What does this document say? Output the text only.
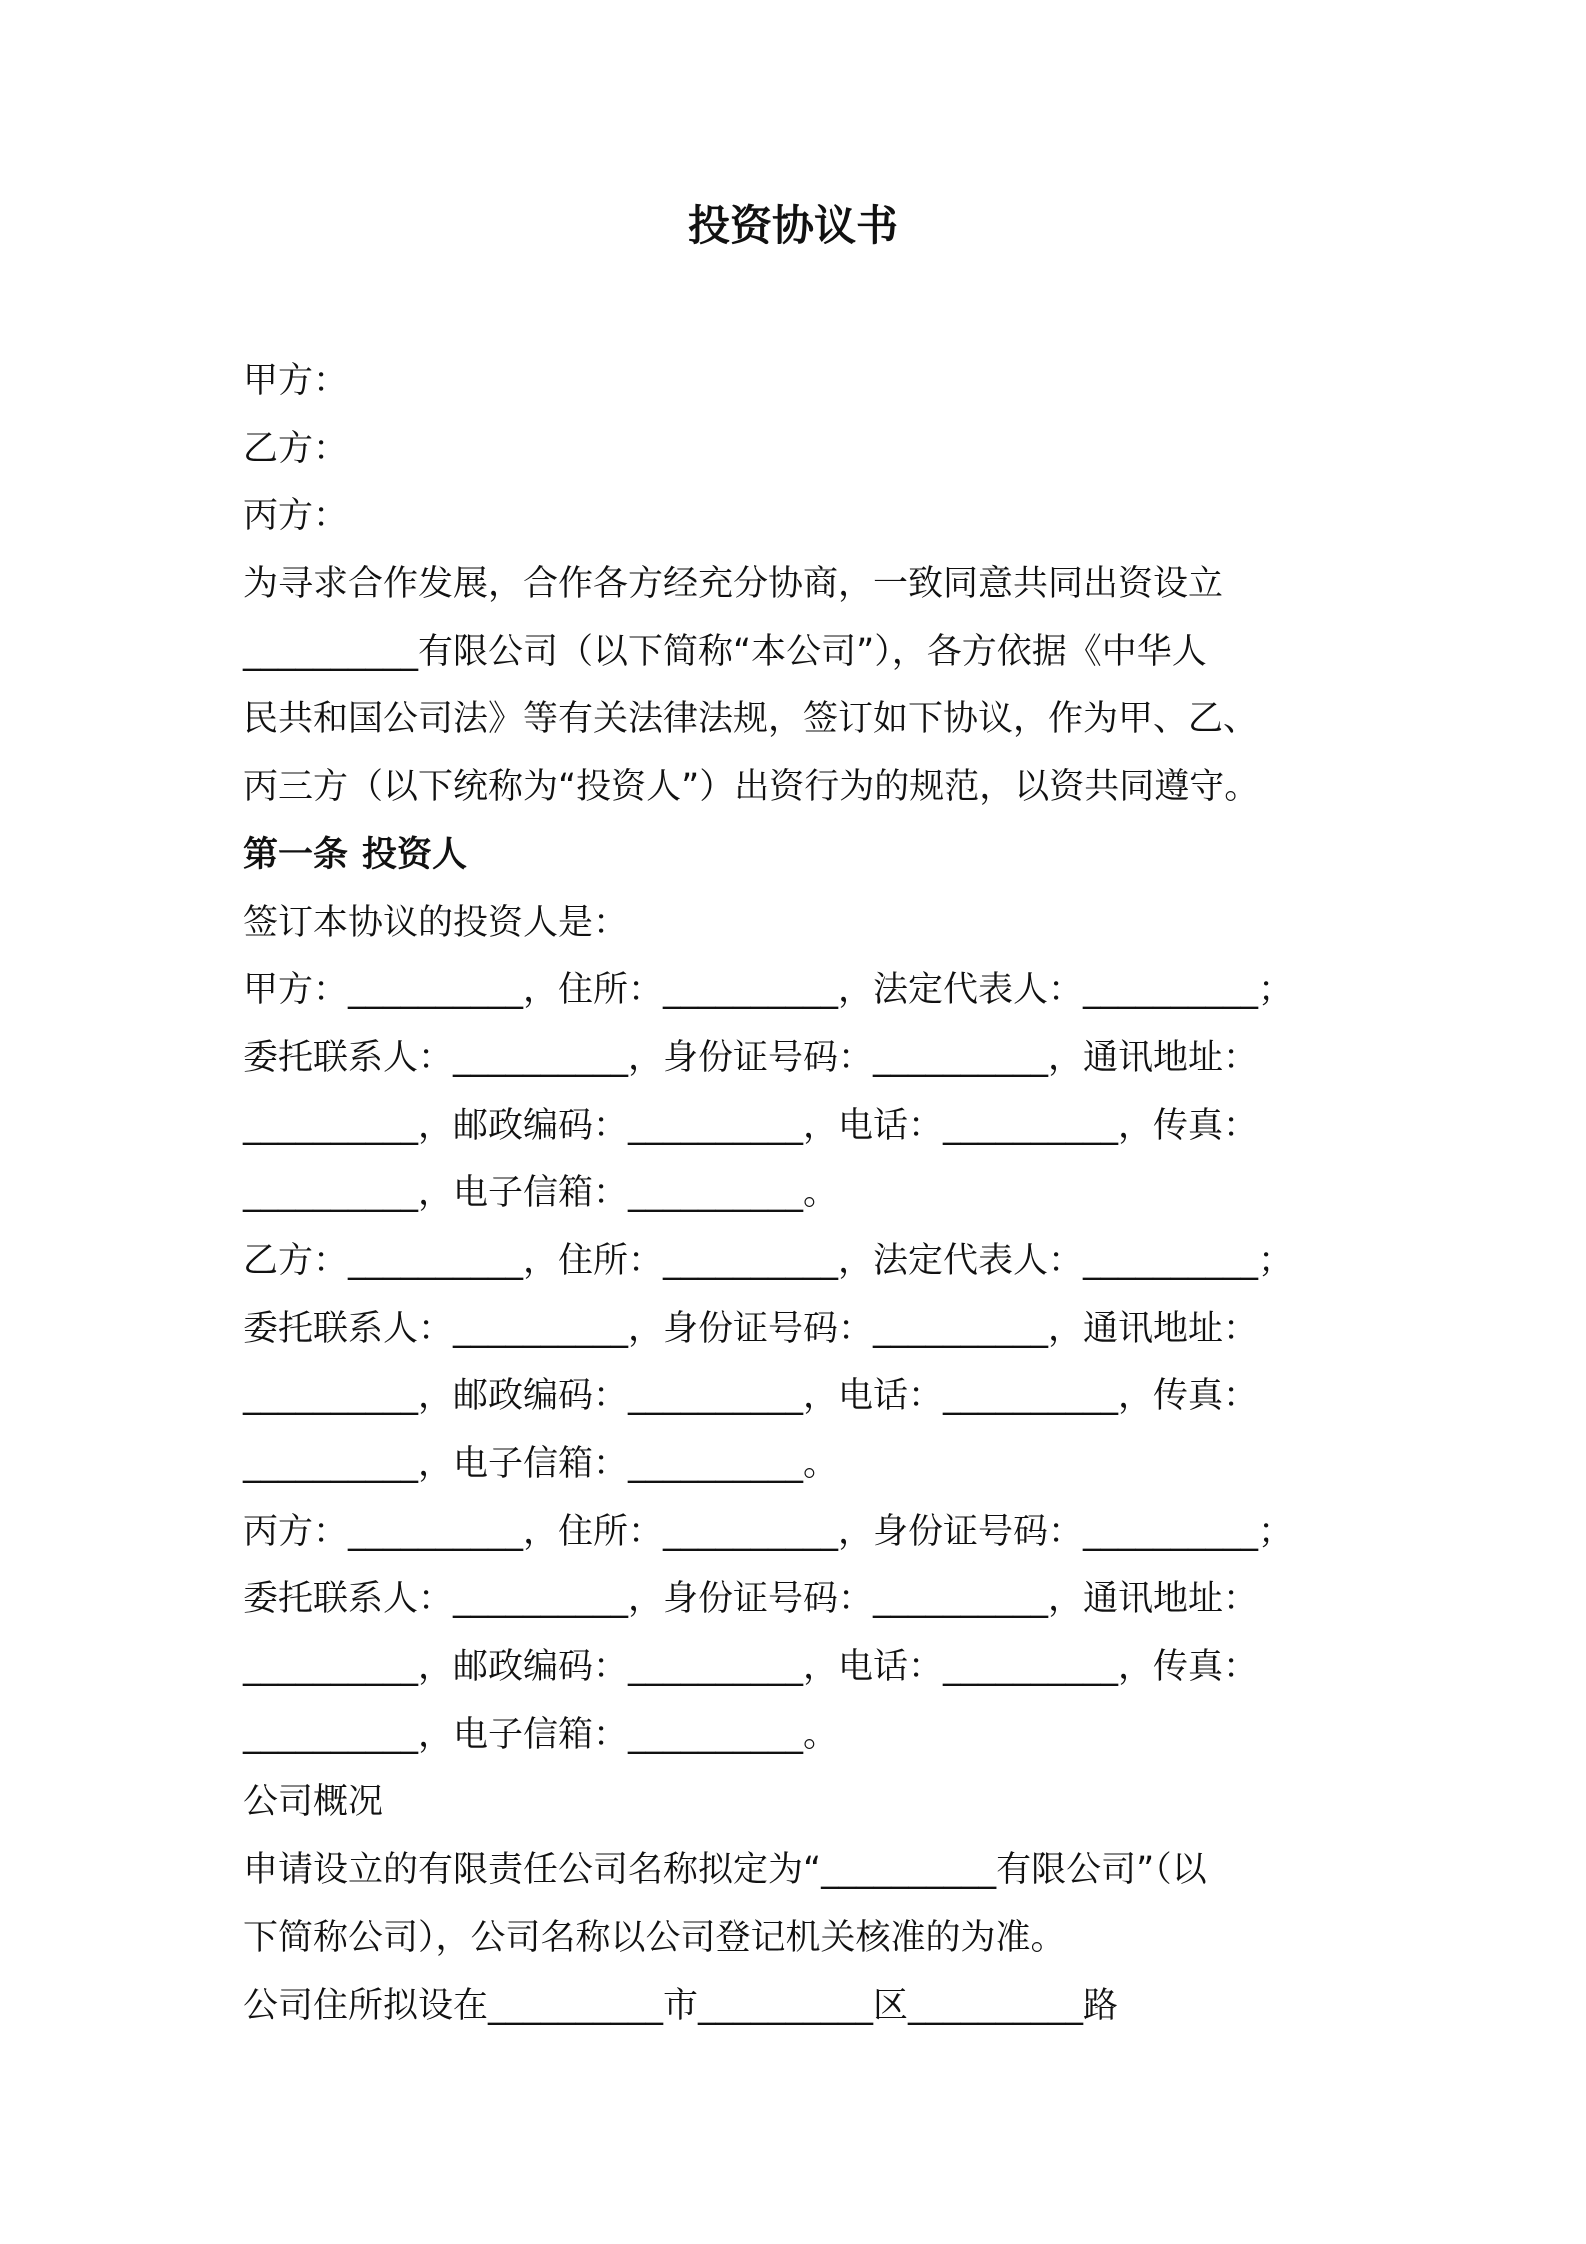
投资协议书

甲方：

乙方：

丙方：

为寻求合作发展，合作各方经充分协商，一致同意共同出资设立

__________有限公司（以下简称“本公司”），各方依据《中华人

民共和国公司法》等有关法律法规，签订如下协议，作为甲、乙、

丙三方（以下统称为“投资人”）出资行为的规范，以资共同遵守。

第一条 投资人

签订本协议的投资人是：

甲方：__________，住所：__________，法定代表人：__________；

委托联系人：__________，身份证号码：__________，通讯地址：

__________，邮政编码：__________，电话：__________，传真：

__________，电子信箱：__________。

乙方：__________，住所：__________，法定代表人：__________；

委托联系人：__________，身份证号码：__________，通讯地址：

__________，邮政编码：__________，电话：__________，传真：

__________，电子信箱：__________。

丙方：__________，住所：__________，身份证号码：__________；

委托联系人：__________，身份证号码：__________，通讯地址：

__________，邮政编码：__________，电话：__________，传真：

__________，电子信箱：__________。

公司概况

申请设立的有限责任公司名称拟定为“__________有限公司”（以

下简称公司），公司名称以公司登记机关核准的为准。

公司住所拟设在__________市__________区__________路
